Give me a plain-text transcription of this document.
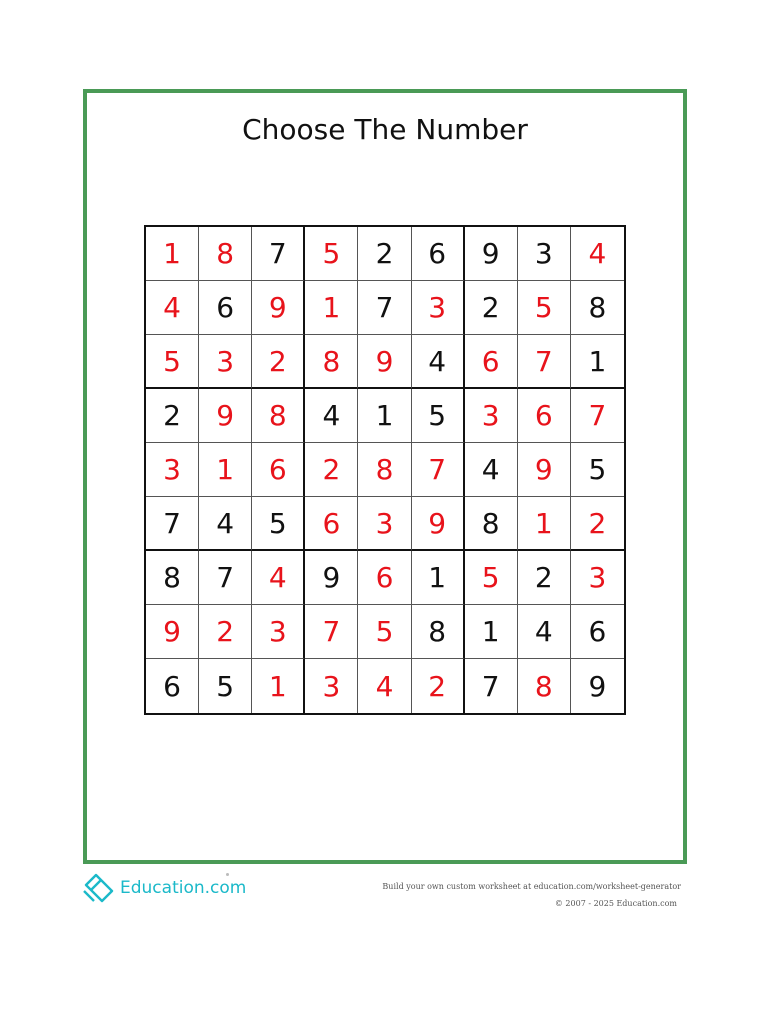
Choose The Number
1	8	7	5	2	6	9	3	4
4	6	9	1	7	3	2	5	8
5	3	2	8	9	4	6	7	1
2	9	8	4	1	5	3	6	7
3	1	6	2	8	7	4	9	5
7	4	5	6	3	9	8	1	2
8	7	4	9	6	1	5	2	3
9	2	3	7	5	8	1	4	6
6	5	1	3	4	2	7	8	9
Education.com	Build your own custom worksheet at education.com/worksheet-generator
© 2007 - 2025 Education.com
